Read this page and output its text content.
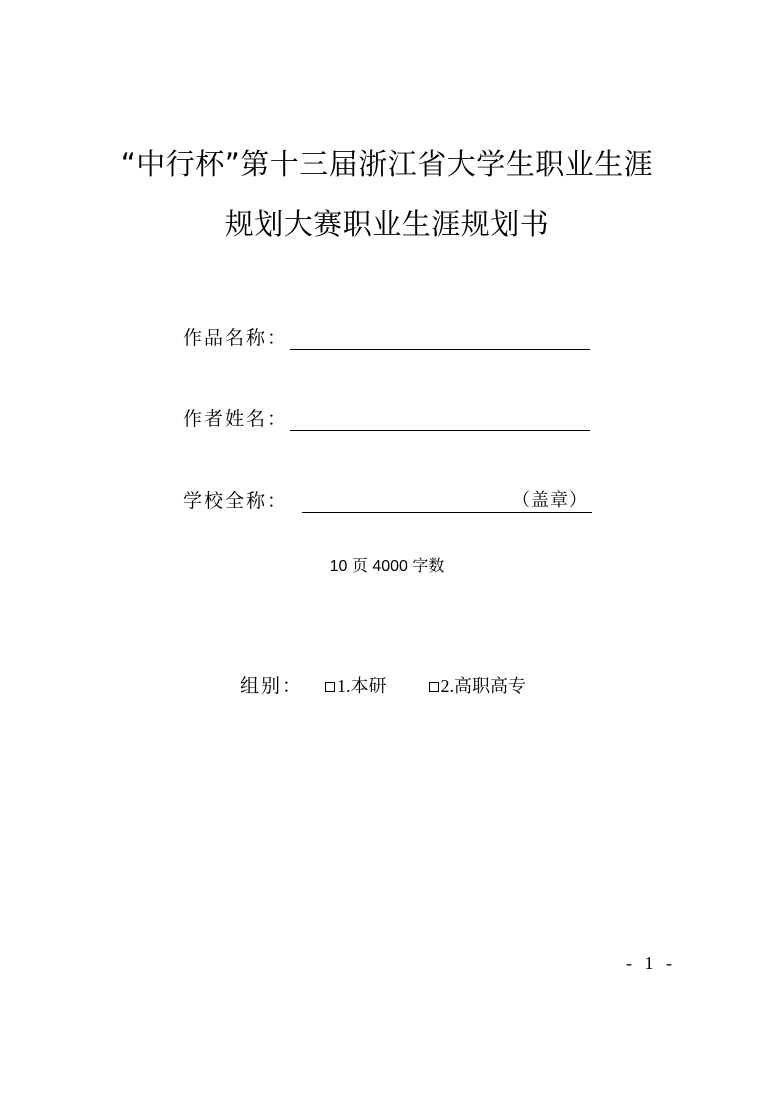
“中行杯”第十三届浙江省大学生职业生涯
规划大赛职业生涯规划书
作品名称：
作者姓名：
学校全称：	（盖章）
10 页 4000 字数
组别： 1.本研	2.高职高专
- 1 -
